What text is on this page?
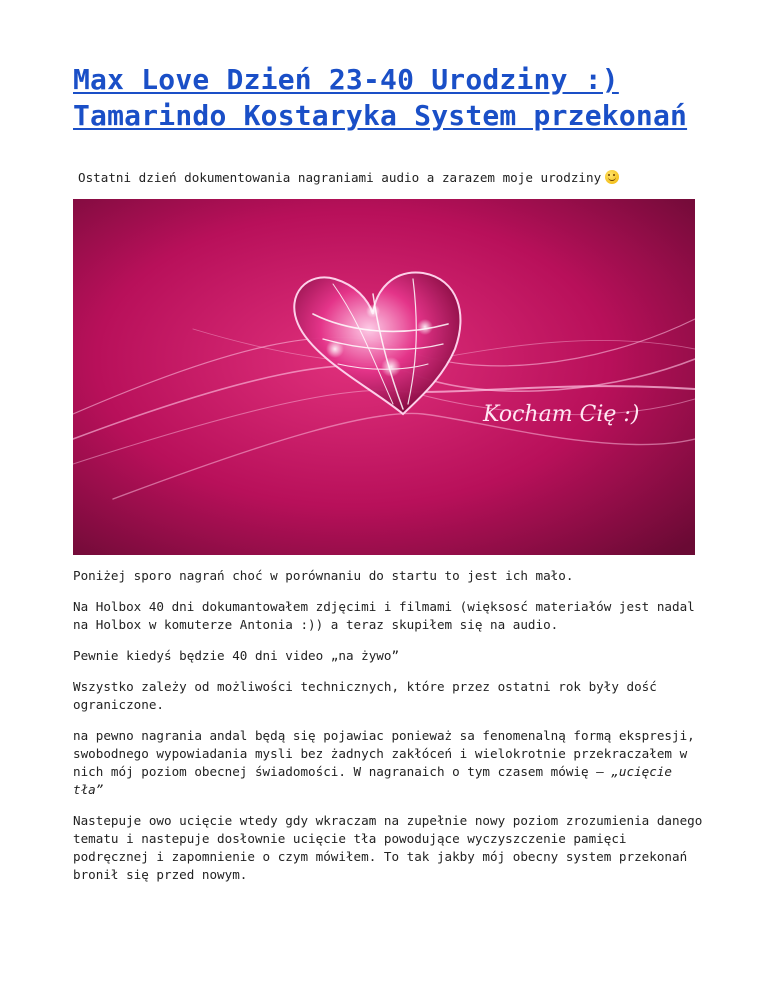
Max Love Dzień 23-40 Urodziny :) Tamarindo Kostaryka System przekonań
Ostatni dzień dokumentowania nagraniami audio a zarazem moje urodziny
Kocham Cię :)

Poniżej sporo nagrań choć w porównaniu do startu to jest ich mało.

Na Holbox 40 dni dokumantowałem zdjęcimi i filmami (więksosć materiałów jest nadal na Holbox w komuterze Antonia :)) a teraz skupiłem się na audio.

Pewnie kiedyś będzie 40 dni video „na żywo”

Wszystko zależy od możliwości technicznych, które przez ostatni rok były dość ograniczone.

na pewno nagrania andal będą się pojawiac ponieważ sa fenomenalną formą ekspresji, swobodnego wypowiadania mysli bez żadnych zakłóceń i wielokrotnie przekraczałem w nich mój poziom obecnej świadomości. W nagranaich o tym czasem mówię – „ucięcie tła”

Nastepuje owo ucięcie wtedy gdy wkraczam na zupełnie nowy poziom zrozumienia danego tematu i nastepuje dosłownie ucięcie tła powodujące wyczyszczenie pamięci podręcznej i zapomnienie o czym mówiłem. To tak jakby mój obecny system przekonań bronił się przed nowym.
